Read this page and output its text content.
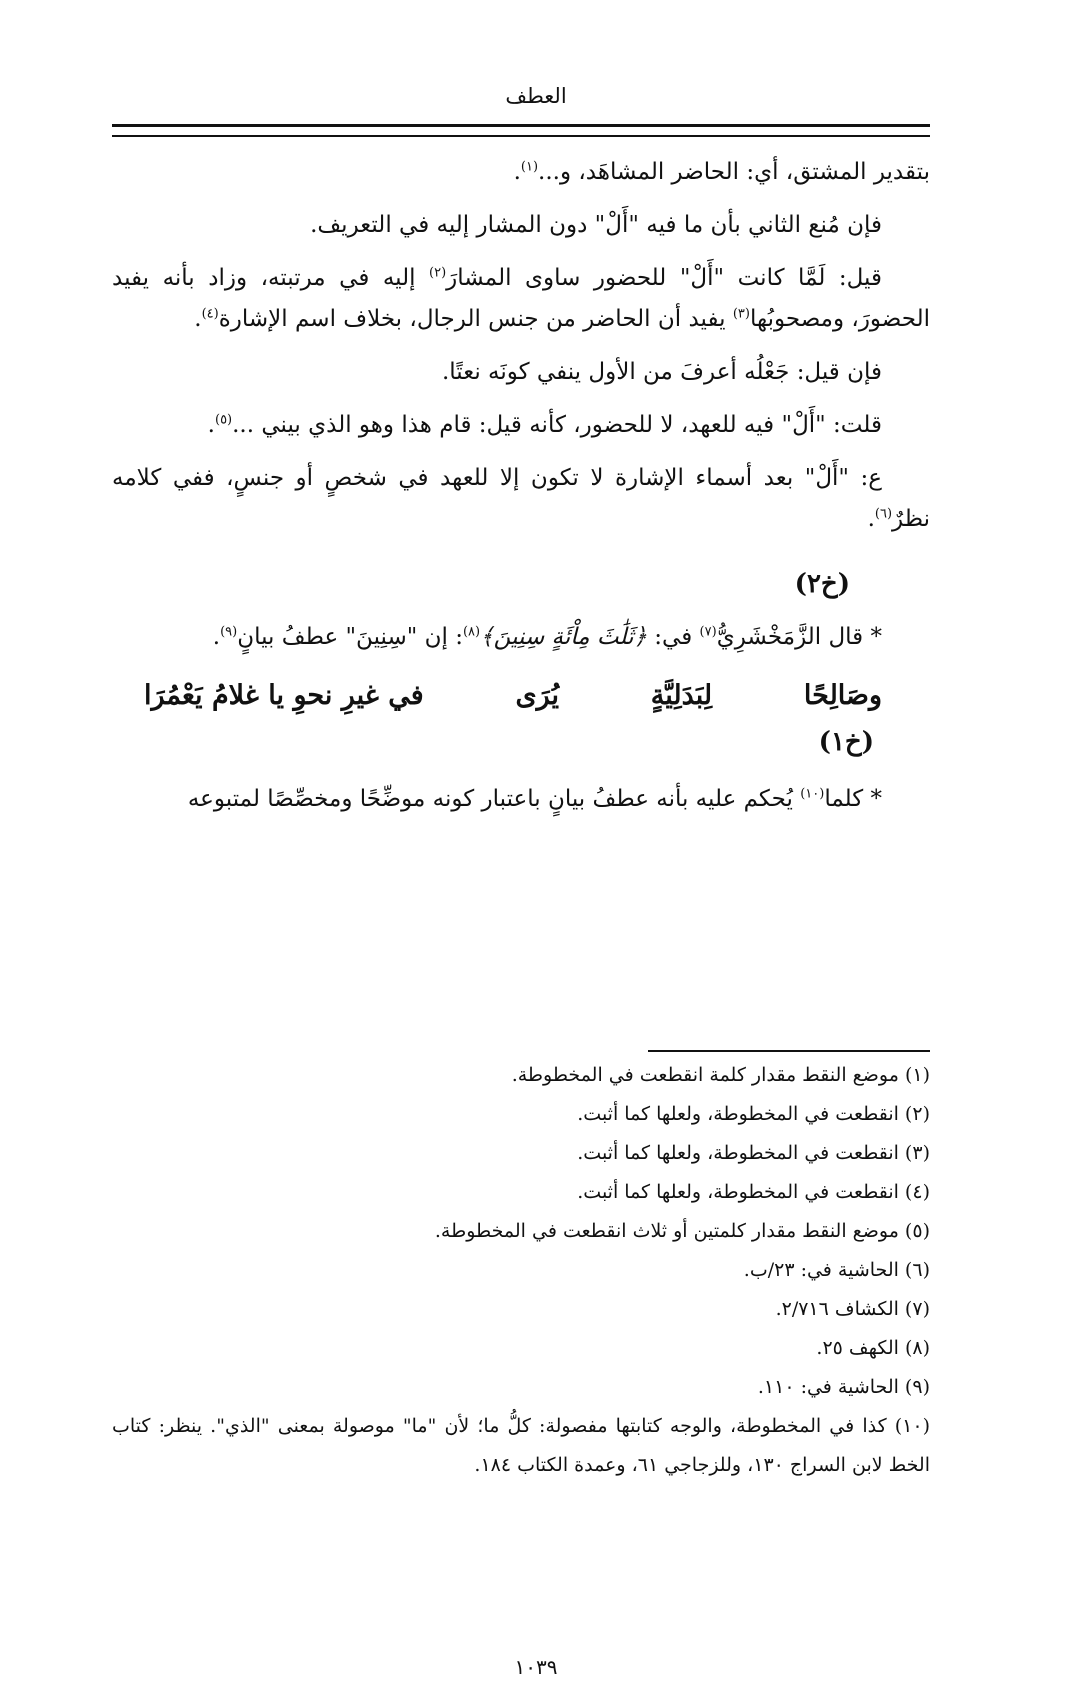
العطف

بتقدير المشتق، أي: الحاضر المشاهَد، و...$^{(١)}$.

فإن مُنع الثاني بأن ما فيه "أَلْ" دون المشار إليه في التعريف.

قيل: لَمَّا كانت "أَلْ" للحضور ساوى المشارَ$^{(٢)}$ إليه في مرتبته، وزاد بأنه يفيد الحضورَ، ومصحوبُها$^{(٣)}$ يفيد أن الحاضر من جنس الرجال، بخلاف اسم الإشارة$^{(٤)}$.

فإن قيل: جَعْلُه أعرفَ من الأول ينفي كونَه نعتًا.

قلت: "أَلْ" فيه للعهد، لا للحضور، كأنه قيل: قام هذا وهو الذي بيني ...$^{(٥)}$.

ع: "أَلْ" بعد أسماء الإشارة لا تكون إلا للعهد في شخصٍ أو جنسٍ، ففي كلامه نظرٌ$^{(٦)}$.

(خ٢)

* قال الزَّمَخْشَرِيُّ$^{(٧)}$ في: ﴿ثَلَٰثَ مِاْئَةٍ سِنِينَ﴾$^{(٨)}$: إن "سِنِينَ" عطفُ بيانٍ$^{(٩)}$.

وصَالِحًا
لِبَدَلِيَّةٍ
يُرَى
في غيرِ نحوِ يا غلامُ يَعْمُرَا
(خ١)

* كلما$^{(١٠)}$ يُحكم عليه بأنه عطفُ بيانٍ باعتبار كونه موضِّحًا ومخصِّصًا لمتبوعه

(١) موضع النقط مقدار كلمة انقطعت في المخطوطة.

(٢) انقطعت في المخطوطة، ولعلها كما أثبت.

(٣) انقطعت في المخطوطة، ولعلها كما أثبت.

(٤) انقطعت في المخطوطة، ولعلها كما أثبت.

(٥) موضع النقط مقدار كلمتين أو ثلاث انقطعت في المخطوطة.

(٦) الحاشية في: ٢٣/ب.

(٧) الكشاف ٢/٧١٦.

(٨) الكهف ٢٥.

(٩) الحاشية في: ١١٠.

(١٠) كذا في المخطوطة، والوجه كتابتها مفصولة: كلُّ ما؛ لأن "ما" موصولة بمعنى "الذي". ينظر: كتاب الخط لابن السراج ١٣٠، وللزجاجي ٦١، وعمدة الكتاب ١٨٤.

١٠٣٩
